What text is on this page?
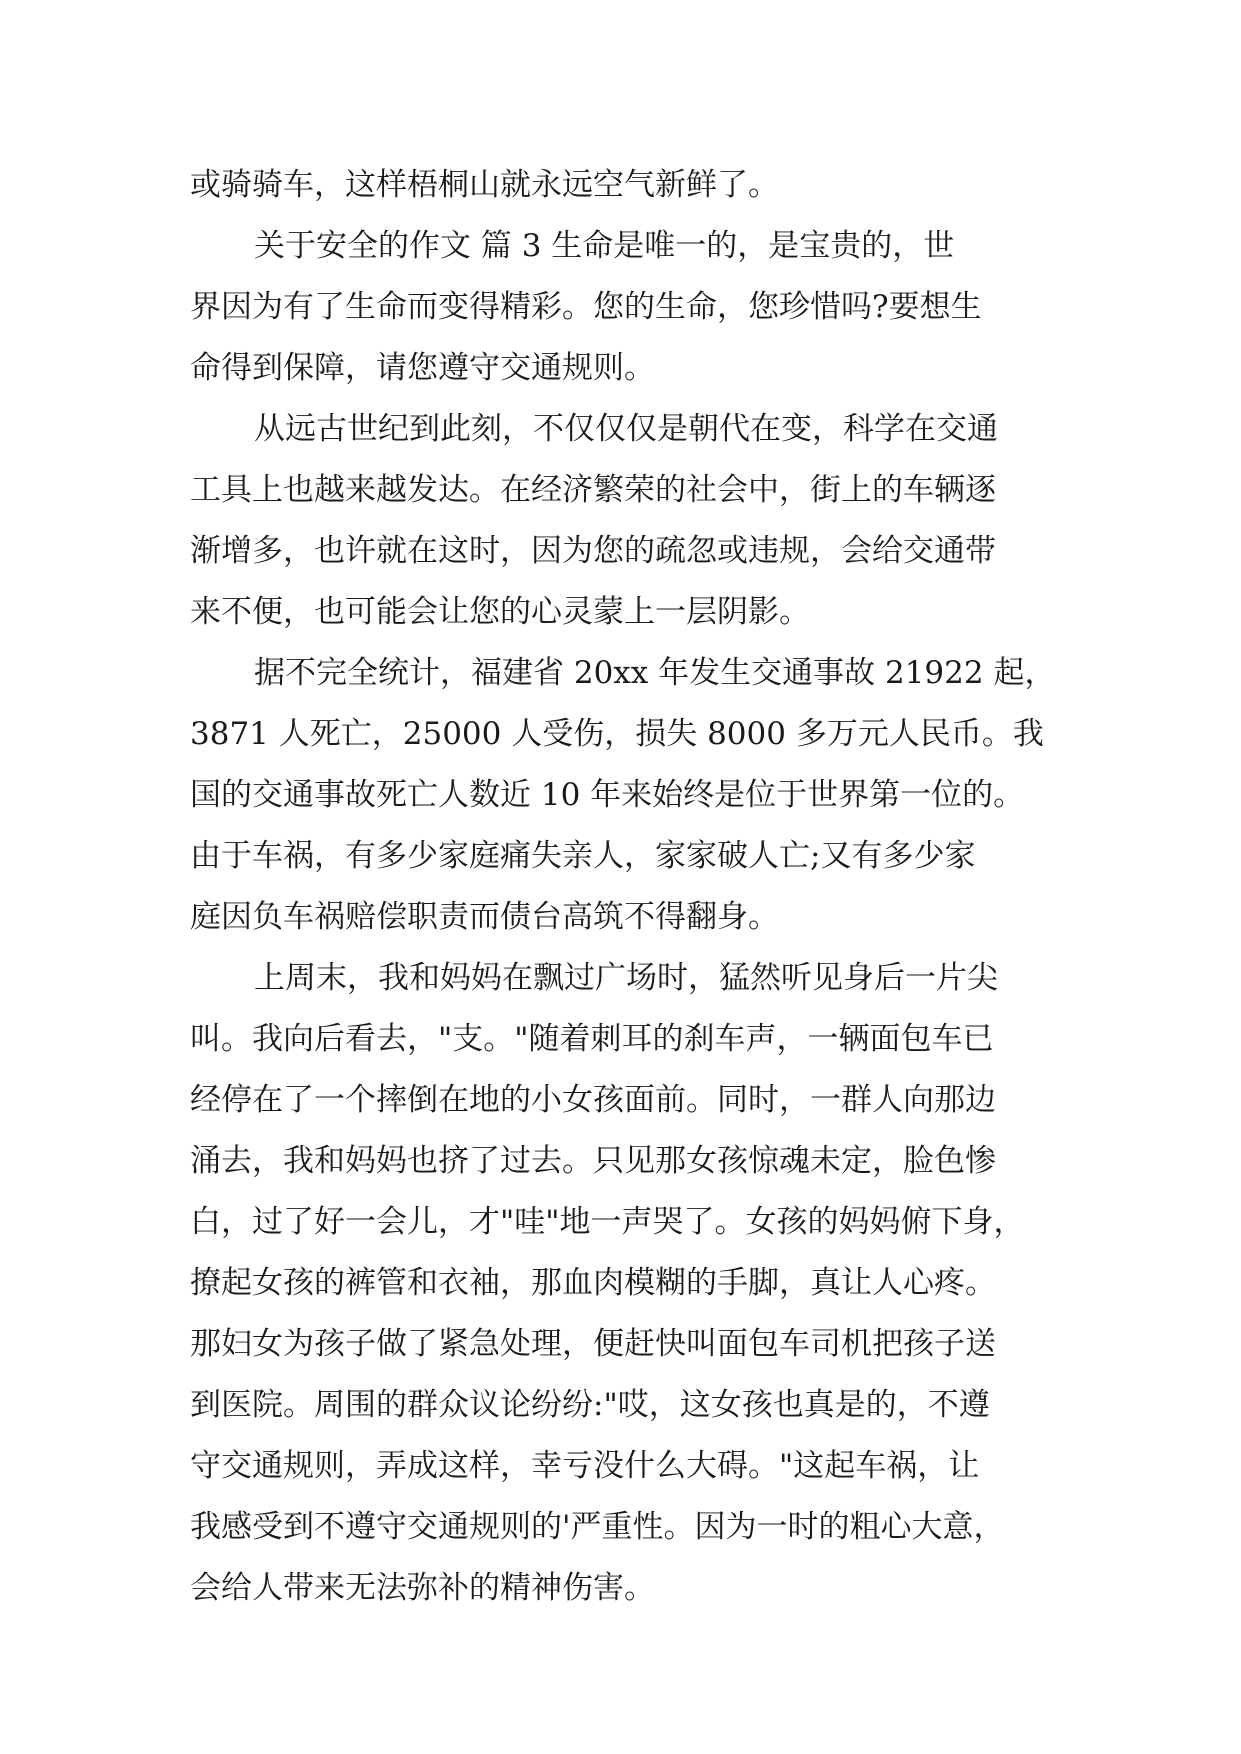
或骑骑车，这样梧桐山就永远空气新鲜了。
关于安全的作文 篇 3 生命是唯一的，是宝贵的，世
界因为有了生命而变得精彩。您的生命，您珍惜吗?要想生
命得到保障，请您遵守交通规则。
从远古世纪到此刻，不仅仅仅是朝代在变，科学在交通
工具上也越来越发达。在经济繁荣的社会中，街上的车辆逐
渐增多，也许就在这时，因为您的疏忽或违规，会给交通带
来不便，也可能会让您的心灵蒙上一层阴影。
据不完全统计，福建省 20xx 年发生交通事故 21922 起，
3871 人死亡，25000 人受伤，损失 8000 多万元人民币。我
国的交通事故死亡人数近 10 年来始终是位于世界第一位的。
由于车祸，有多少家庭痛失亲人，家家破人亡;又有多少家
庭因负车祸赔偿职责而债台高筑不得翻身。
上周末，我和妈妈在飘过广场时，猛然听见身后一片尖
叫。我向后看去，"支。"随着刺耳的刹车声，一辆面包车已
经停在了一个摔倒在地的小女孩面前。同时，一群人向那边
涌去，我和妈妈也挤了过去。只见那女孩惊魂未定，脸色惨
白，过了好一会儿，才"哇"地一声哭了。女孩的妈妈俯下身，
撩起女孩的裤管和衣袖，那血肉模糊的手脚，真让人心疼。
那妇女为孩子做了紧急处理，便赶快叫面包车司机把孩子送
到医院。周围的群众议论纷纷:"哎，这女孩也真是的，不遵
守交通规则，弄成这样，幸亏没什么大碍。"这起车祸，让
我感受到不遵守交通规则的'严重性。因为一时的粗心大意，
会给人带来无法弥补的精神伤害。
